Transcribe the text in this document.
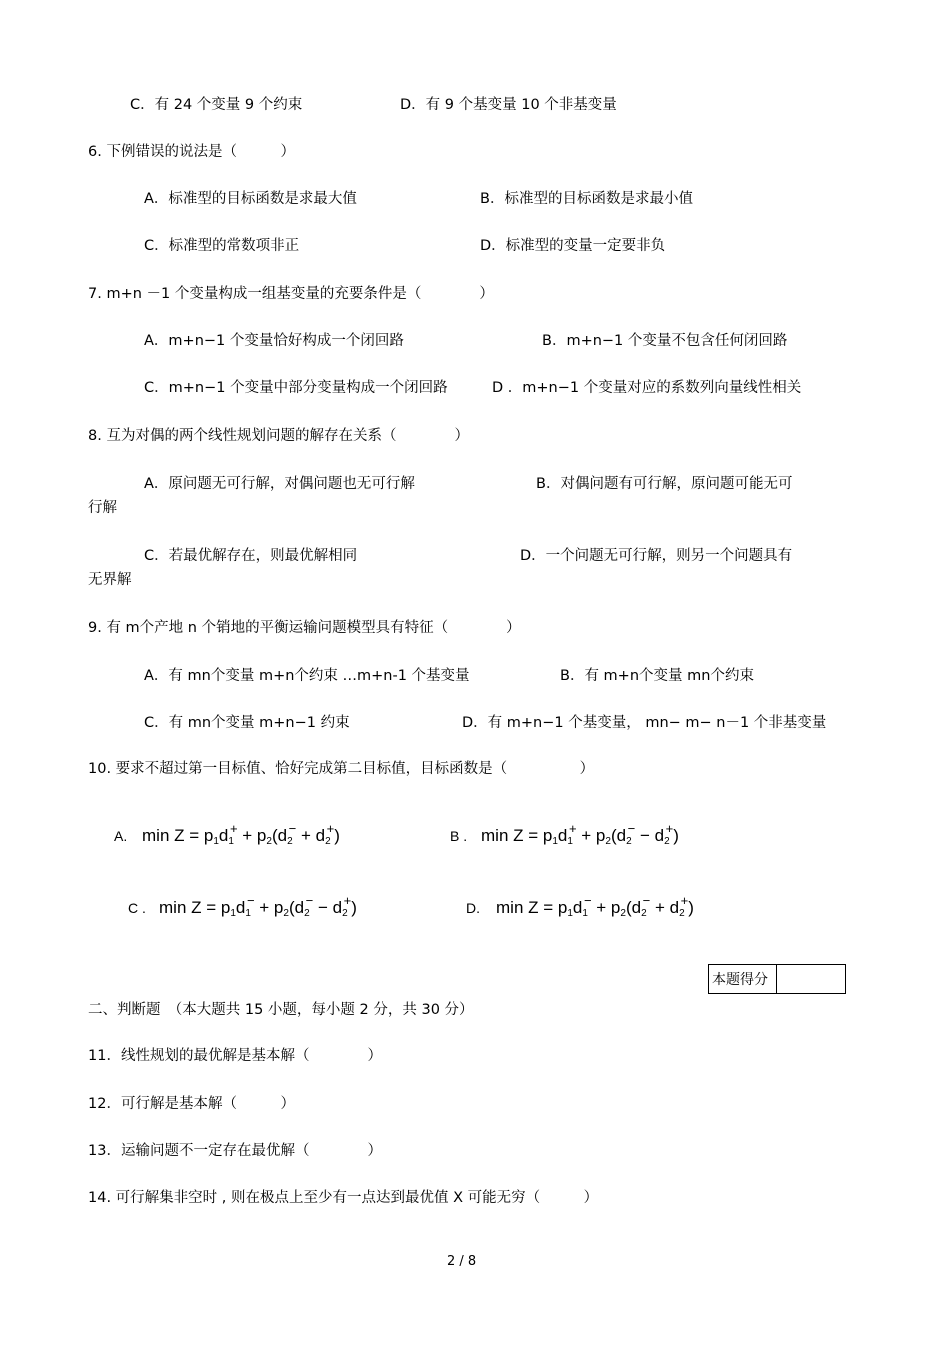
C．有 24 个变量 9 个约束	D．有 9 个基变量 10 个非基变量
6. 下例错误的说法是（　　　）
A．标准型的目标函数是求最大值	B．标准型的目标函数是求最小值
C．标准型的常数项非正	D．标准型的变量一定要非负
7. m+n －1 个变量构成一组基变量的充要条件是（　　　　）
A．m+n−1 个变量恰好构成一个闭回路	B．m+n−1 个变量不包含任何闭回路
C．m+n−1 个变量中部分变量构成一个闭回路	D ．m+n−1 个变量对应的系数列向量线性相关
8. 互为对偶的两个线性规划问题的解存在关系（　　　　）
A．原问题无可行解，对偶问题也无可行解	B．对偶问题有可行解，原问题可能无可
行解
C．若最优解存在，则最优解相同	D．一个问题无可行解，则另一个问题具有
无界解
9. 有 m个产地 n 个销地的平衡运输问题模型具有特征（　　　　）
A．有 mn个变量 m+n个约束 …m+n-1 个基变量	B．有 m+n个变量 mn个约束
C．有 mn个变量 m+n−1 约束	D．有 m+n−1 个基变量， mn− m− n－1 个非基变量
10. 要求不超过第一目标值、恰好完成第二目标值，目标函数是（　　　　　）
A. $\min Z = p_1d_1^+ + p_2(d_2^- + d_2^+)$	B . $\min Z = p_1d_1^+ + p_2(d_2^- - d_2^+)$
C . $\min Z = p_1d_1^- + p_2(d_2^- - d_2^+)$	D. $\min Z = p_1d_1^- + p_2(d_2^- + d_2^+)$
本题得分	
二、判断题　（本大题共 15 小题，每小题 2 分，共 30 分）
11．线性规划的最优解是基本解（　　　　）
12．可行解是基本解（　　　）
13．运输问题不一定存在最优解（　　　　）
14. 可行解集非空时 , 则在极点上至少有一点达到最优值 X 可能无穷（　　　）
2 / 8
